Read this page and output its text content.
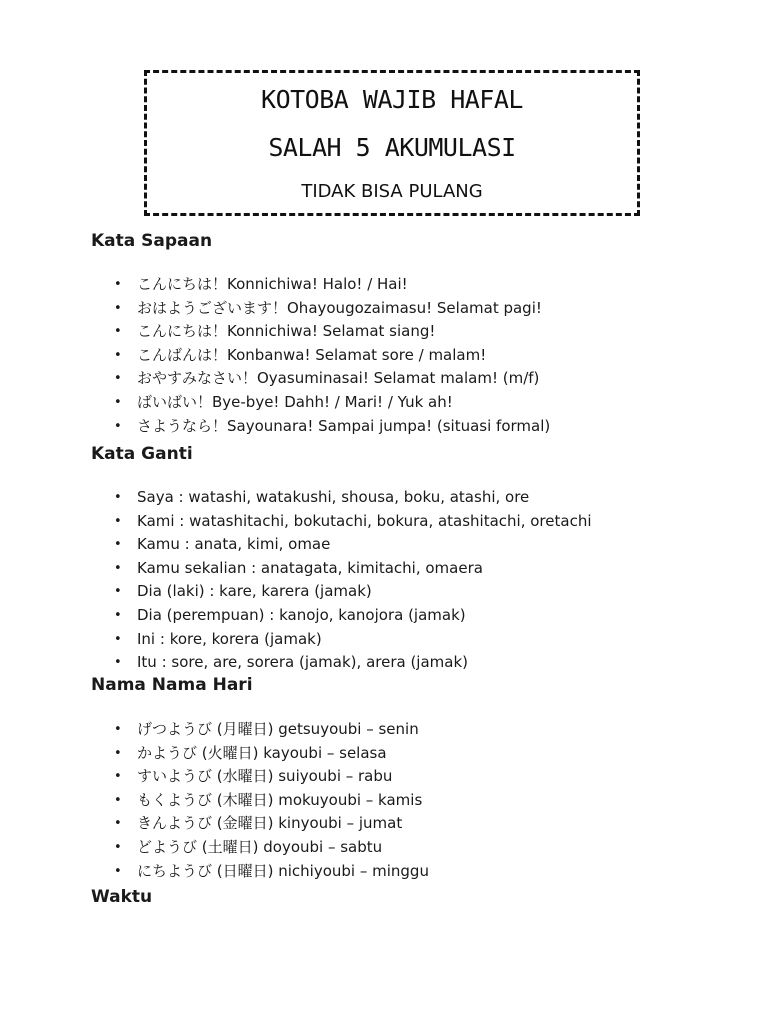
KOTOBA WAJIB HAFAL
SALAH 5 AKUMULASI
TIDAK BISA PULANG
Kata Sapaan
• こんにちは！Konnichiwa! Halo! / Hai!
• おはようございます！Ohayougozaimasu! Selamat pagi!
• こんにちは！Konnichiwa! Selamat siang!
• こんばんは！Konbanwa! Selamat sore / malam!
• おやすみなさい！Oyasuminasai! Selamat malam! (m/f)
• ばいばい！Bye-bye! Dahh! / Mari! / Yuk ah!
• さようなら！Sayounara! Sampai jumpa! (situasi formal)
Kata Ganti
• Saya : watashi, watakushi, shousa, boku, atashi, ore
• Kami : watashitachi, bokutachi, bokura, atashitachi, oretachi
• Kamu : anata, kimi, omae
• Kamu sekalian : anatagata, kimitachi, omaera
• Dia (laki) : kare, karera (jamak)
• Dia (perempuan) : kanojo, kanojora (jamak)
• Ini : kore, korera (jamak)
• Itu : sore, are, sorera (jamak), arera (jamak)
Nama Nama Hari
• げつようび (月曜日) getsuyoubi – senin
• かようび (火曜日) kayoubi – selasa
• すいようび (水曜日) suiyoubi – rabu
• もくようび (木曜日) mokuyoubi – kamis
• きんようび (金曜日) kinyoubi – jumat
• どようび (土曜日) doyoubi – sabtu
• にちようび (日曜日) nichiyoubi – minggu
Waktu
